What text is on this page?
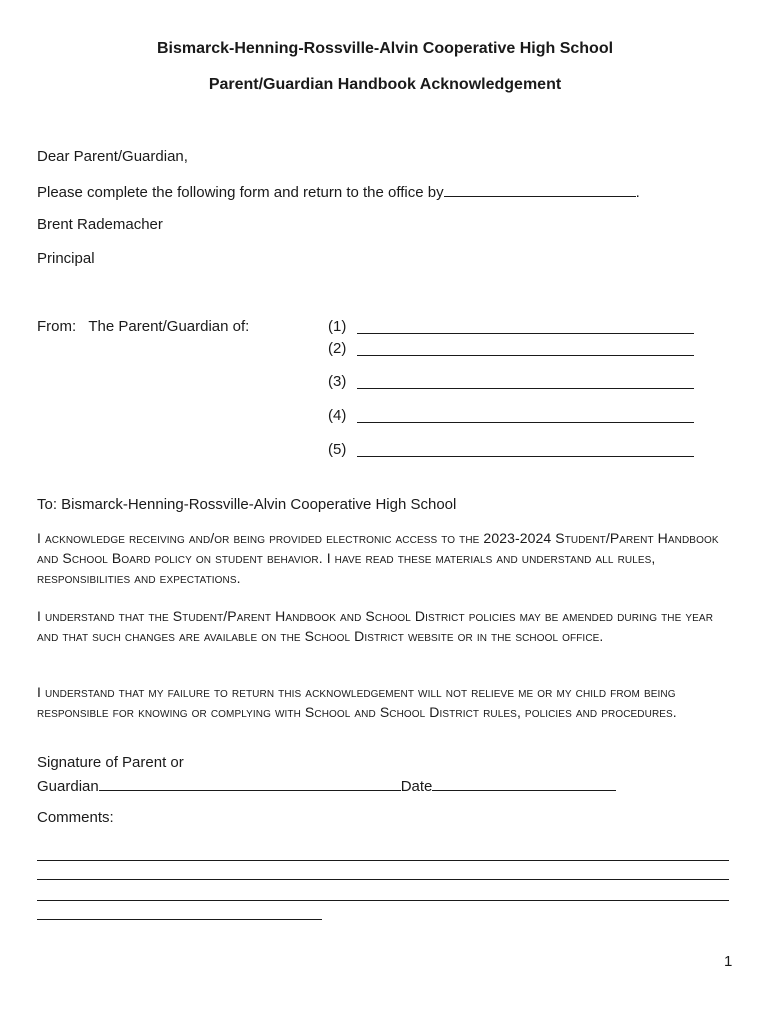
Bismarck-Henning-Rossville-Alvin Cooperative High School
Parent/Guardian Handbook Acknowledgement
Dear Parent/Guardian,
Please complete the following form and return to the office by	.
Brent Rademacher
Principal
From:   The Parent/Guardian of:	(1)
(2)
(3)
(4)
(5)
To: Bismarck-Henning-Rossville-Alvin Cooperative High School
I acknowledge receiving and/or being provided electronic access to the 2023-2024 Student/Parent Handbook and School Board policy on student behavior. I have read these materials and understand all rules, responsibilities and expectations.
I understand that the Student/Parent Handbook and School District policies may be amended during the year and that such changes are available on the School District website or in the school office.
I understand that my failure to return this acknowledgement will not relieve me or my child from being responsible for knowing or complying with School and School District rules, policies and procedures.
Signature of Parent or
Guardian	Date
Comments:
1
